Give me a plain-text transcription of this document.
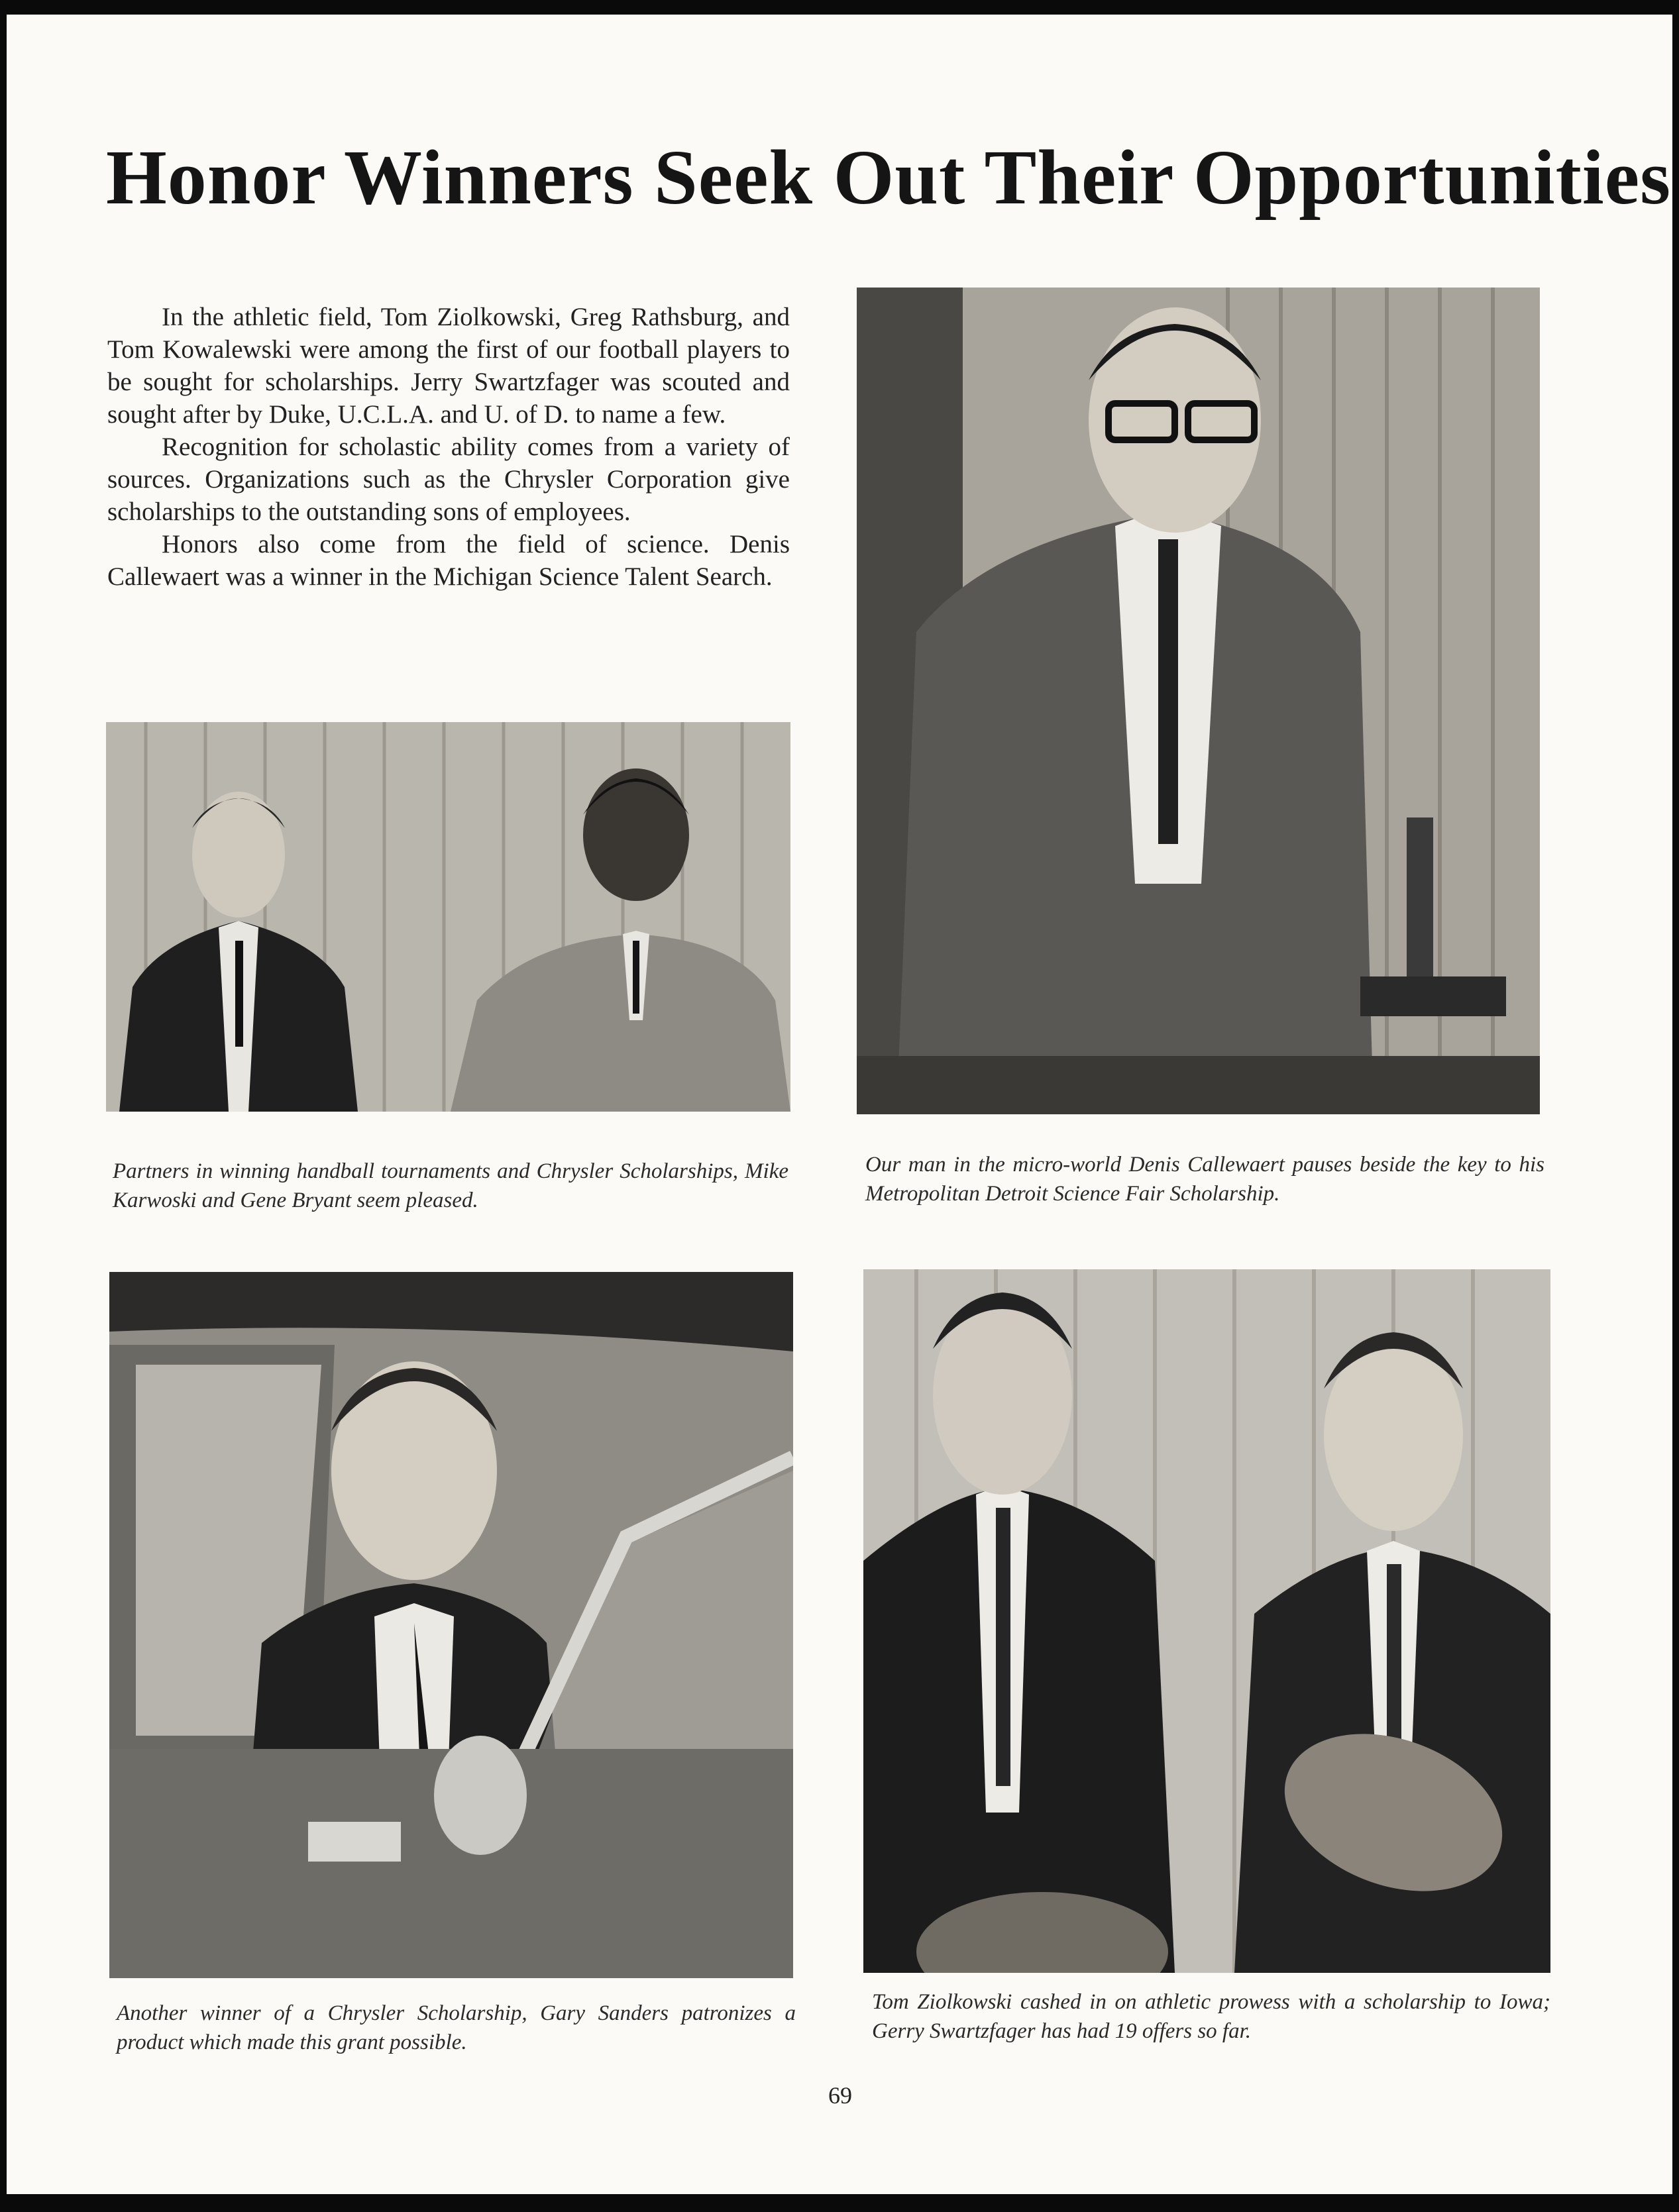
Honor Winners Seek Out Their Opportunities

In the athletic field, Tom Ziolkowski, Greg Rathsburg, and Tom Kowalewski were among the first of our football players to be sought for scholarships. Jerry Swartzfager was scouted and sought after by Duke, U.C.L.A. and U. of D. to name a few.

Recognition for scholastic ability comes from a variety of sources. Organizations such as the Chrysler Corporation give scholarships to the outstanding sons of employees.

Honors also come from the field of science. Denis Callewaert was a winner in the Michigan Science Talent Search.

Partners in winning handball tournaments and Chrysler Scholarships, Mike Karwoski and Gene Bryant seem pleased.
Our man in the micro-world Denis Callewaert pauses beside the key to his Metropolitan Detroit Science Fair Scholarship.
Another winner of a Chrysler Scholarship, Gary Sanders patronizes a product which made this grant possible.
Tom Ziolkowski cashed in on athletic prowess with a scholarship to Iowa; Gerry Swartzfager has had 19 offers so far.
69
